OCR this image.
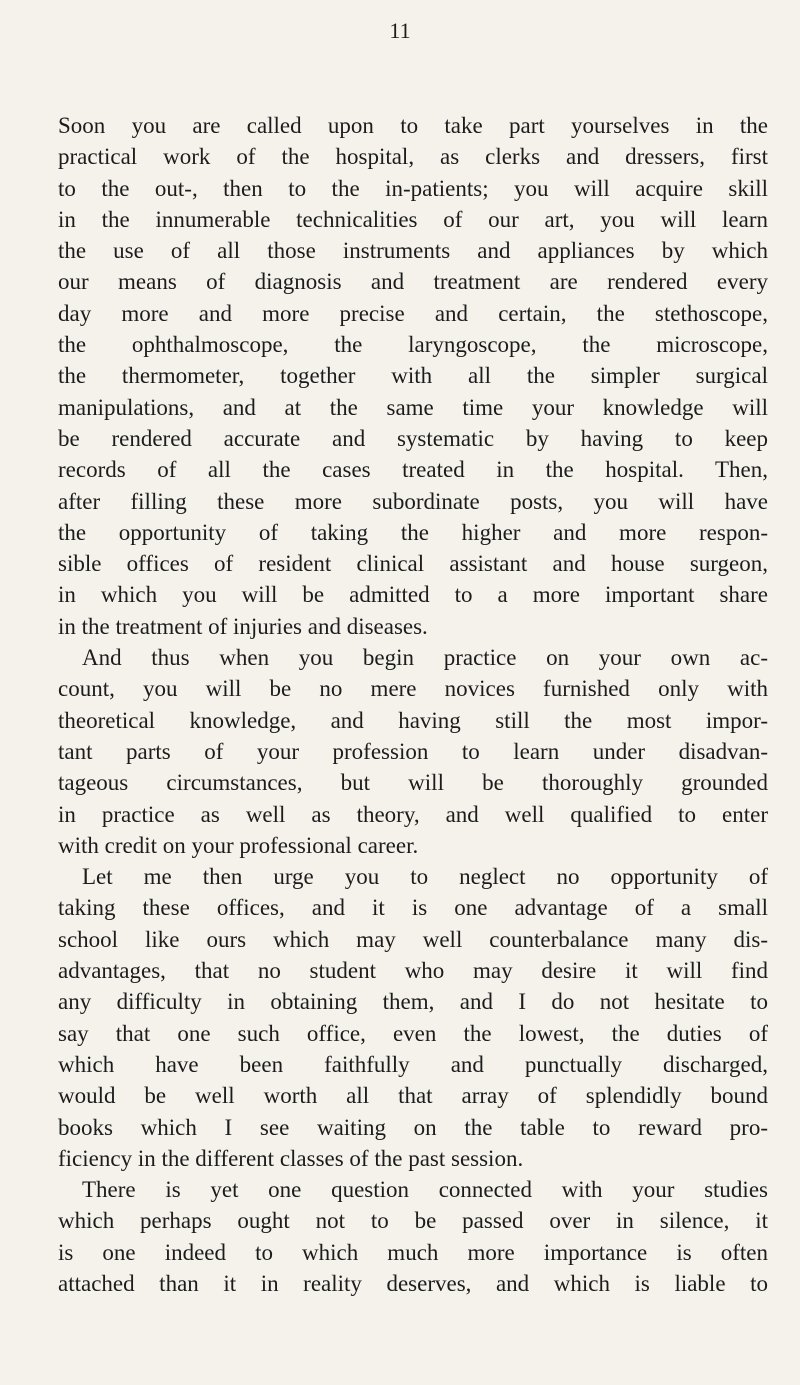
11
Soon you are called upon to take part yourselves in the
practical work of the hospital, as clerks and dressers, first
to the out-, then to the in-patients; you will acquire skill
in the innumerable technicalities of our art, you will learn
the use of all those instruments and appliances by which
our means of diagnosis and treatment are rendered every
day more and more precise and certain, the stethoscope,
the ophthalmoscope, the laryngoscope, the microscope,
the thermometer, together with all the simpler surgical
manipulations, and at the same time your knowledge will
be rendered accurate and systematic by having to keep
records of all the cases treated in the hospital. Then,
after filling these more subordinate posts, you will have
the opportunity of taking the higher and more respon-
sible offices of resident clinical assistant and house surgeon,
in which you will be admitted to a more important share
in the treatment of injuries and diseases.
And thus when you begin practice on your own ac-
count, you will be no mere novices furnished only with
theoretical knowledge, and having still the most impor-
tant parts of your profession to learn under disadvan-
tageous circumstances, but will be thoroughly grounded
in practice as well as theory, and well qualified to enter
with credit on your professional career.
Let me then urge you to neglect no opportunity of
taking these offices, and it is one advantage of a small
school like ours which may well counterbalance many dis-
advantages, that no student who may desire it will find
any difficulty in obtaining them, and I do not hesitate to
say that one such office, even the lowest, the duties of
which have been faithfully and punctually discharged,
would be well worth all that array of splendidly bound
books which I see waiting on the table to reward pro-
ficiency in the different classes of the past session.
There is yet one question connected with your studies
which perhaps ought not to be passed over in silence, it
is one indeed to which much more importance is often
attached than it in reality deserves, and which is liable to
